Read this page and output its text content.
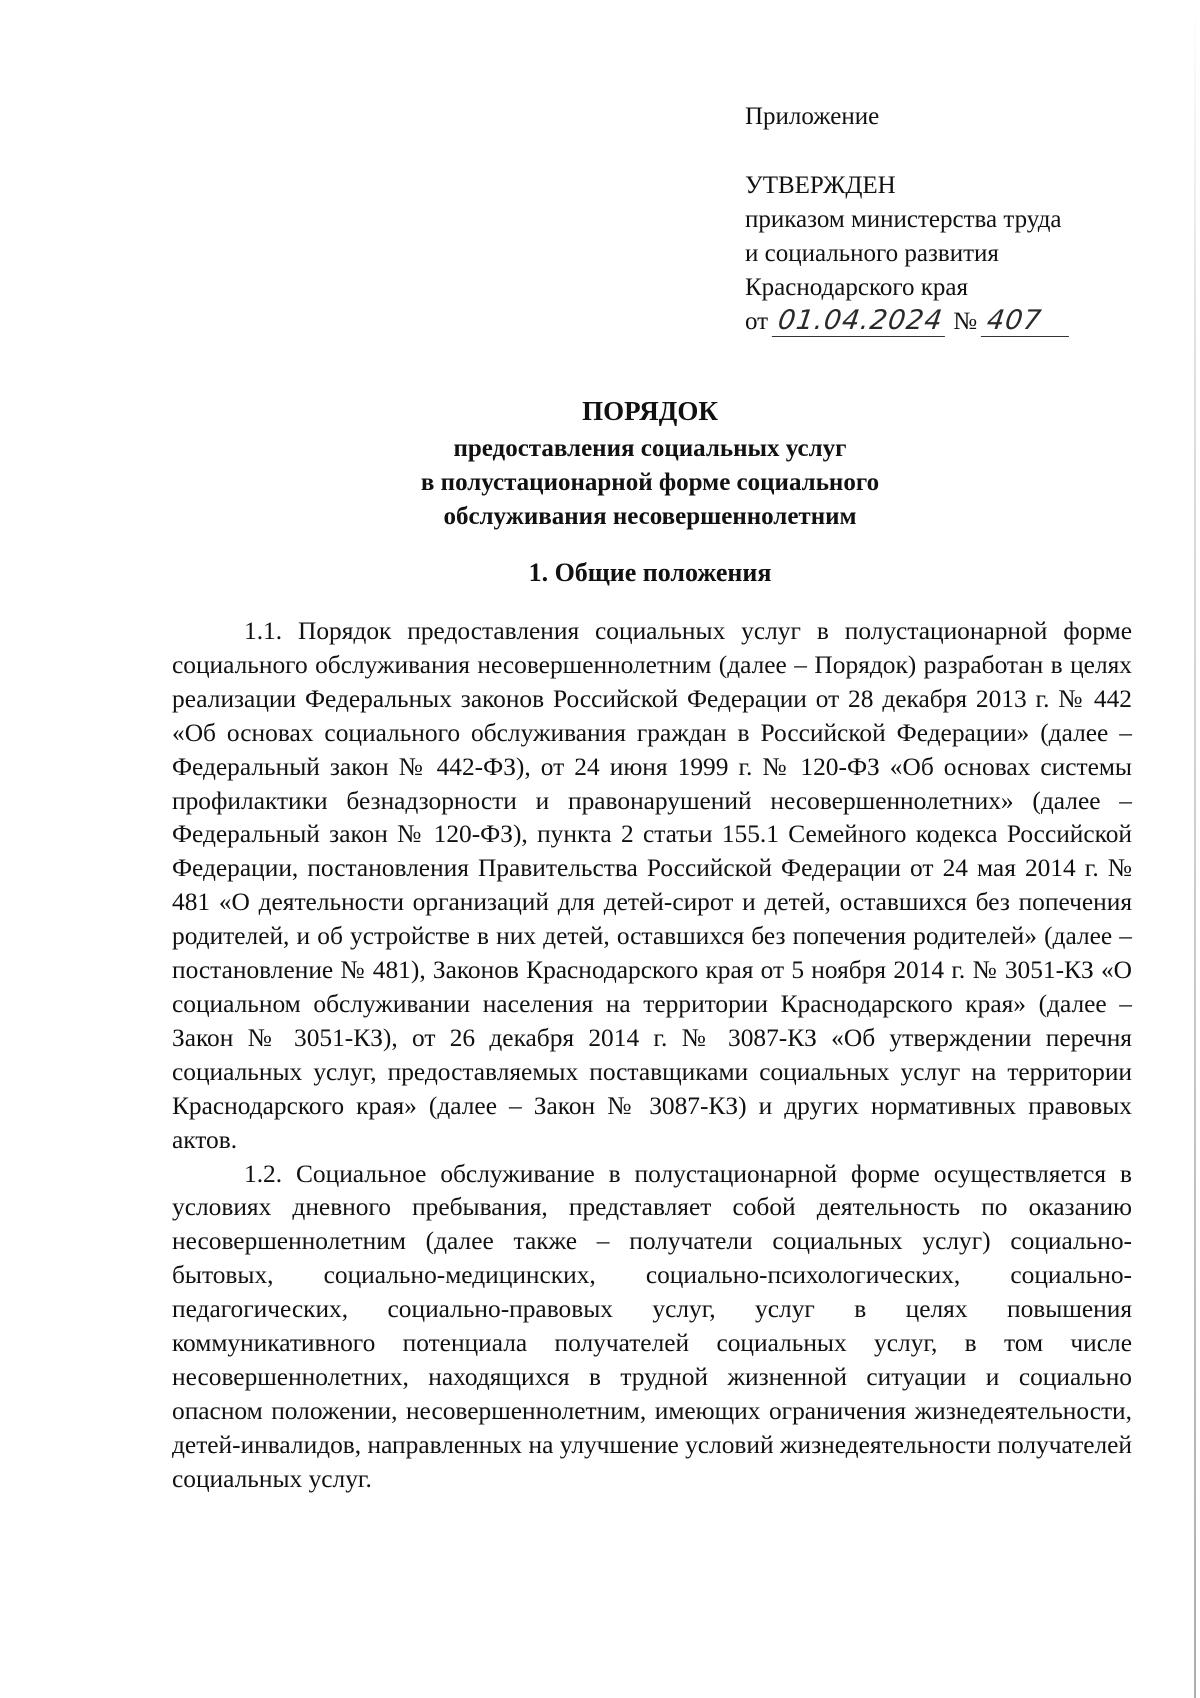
Приложение
УТВЕРЖДЕН
приказом министерства труда
и социального развития
Краснодарского края
от 01.04.2024 № 407
ПОРЯДОК
предоставления социальных услуг
в полустационарной форме социального
обслуживания несовершеннолетним
1. Общие положения

1.1. Порядок предоставления социальных услуг в полустационарной форме социального обслуживания несовершеннолетним (далее – Порядок) разработан в целях реализации Федеральных законов Российской Федерации от 28 декабря 2013 г. № 442 «Об основах социального обслуживания граждан в Российской Федерации» (далее – Федеральный закон № 442-ФЗ), от 24 июня 1999 г. № 120-ФЗ «Об основах системы профилактики безнадзорности и правонарушений несовершеннолетних» (далее – Федеральный закон № 120-ФЗ), пункта 2 статьи 155.1 Семейного кодекса Российской Федерации, постановления Правительства Российской Федерации от 24 мая 2014 г. № 481 «О деятельности организаций для детей-сирот и детей, оставшихся без попечения родителей, и об устройстве в них детей, оставшихся без попечения родителей» (далее – постановление № 481), Законов Краснодарского края от 5 ноября 2014 г. № 3051-КЗ «О социальном обслуживании населения на территории Краснодарского края» (далее – Закон № 3051-КЗ), от 26 декабря 2014 г. № 3087-КЗ «Об утверждении перечня социальных услуг, предоставляемых поставщиками социальных услуг на территории Краснодарского края» (далее – Закон № 3087-КЗ) и других нормативных правовых актов.

1.2. Социальное обслуживание в полустационарной форме осуществляется в условиях дневного пребывания, представляет собой деятельность по оказанию несовершеннолетним (далее также – получатели социальных услуг) социально-бытовых, социально-медицинских, социально-психологических, социально-педагогических, социально-правовых услуг, услуг в целях повышения коммуникативного потенциала получателей социальных услуг, в том числе несовершеннолетних, находящихся в трудной жизненной ситуации и социально опасном положении, несовершеннолетним, имеющих ограничения жизнедеятельности, детей-инвалидов, направленных на улучшение условий жизнедеятельности получателей социальных услуг.
